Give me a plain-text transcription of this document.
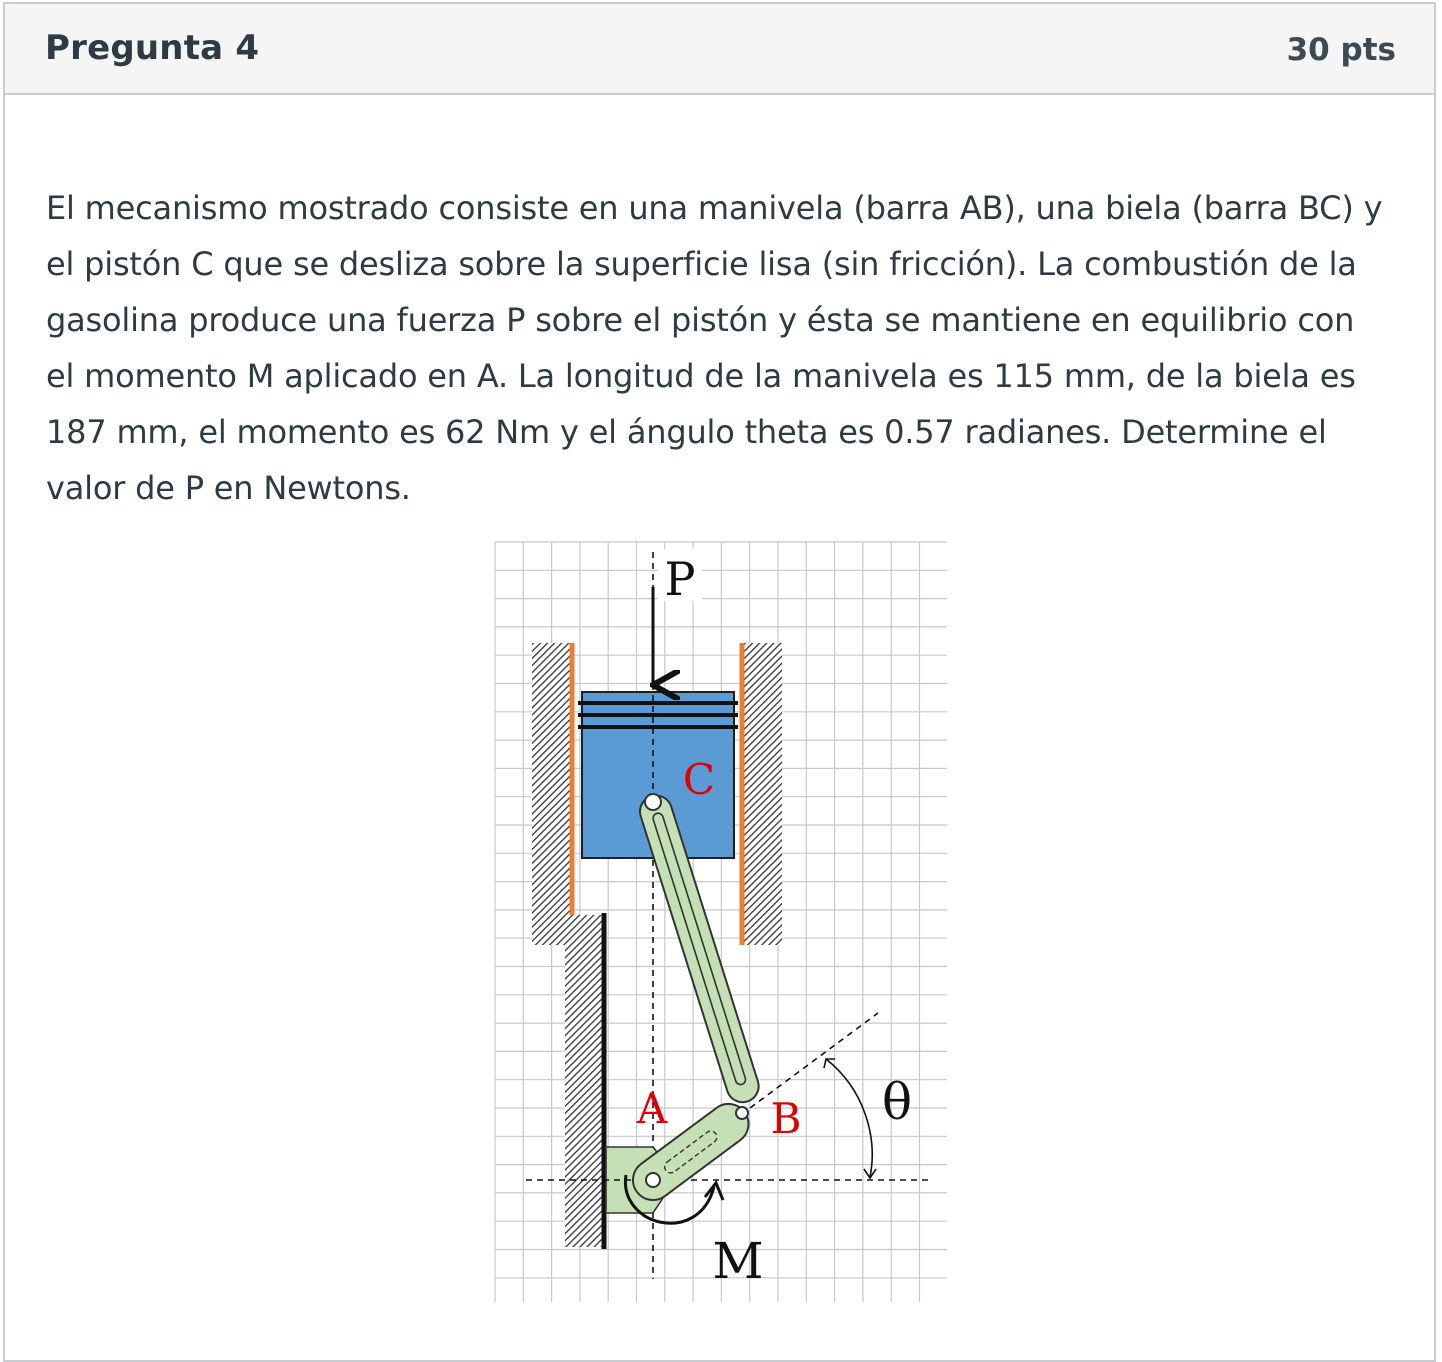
Pregunta 4	30 pts

El mecanismo mostrado consiste en una manivela (barra AB), una biela (barra BC) y
el pistón C que se desliza sobre la superficie lisa (sin fricción). La combustión de la
gasolina produce una fuerza P sobre el pistón y ésta se mantiene en equilibrio con
el momento M aplicado en A. La longitud de la manivela es 115 mm, de la biela es
187 mm, el momento es 62 Nm y el ángulo theta es 0.57 radianes. Determine el
valor de P en Newtons.

P
C
A B θ
M
